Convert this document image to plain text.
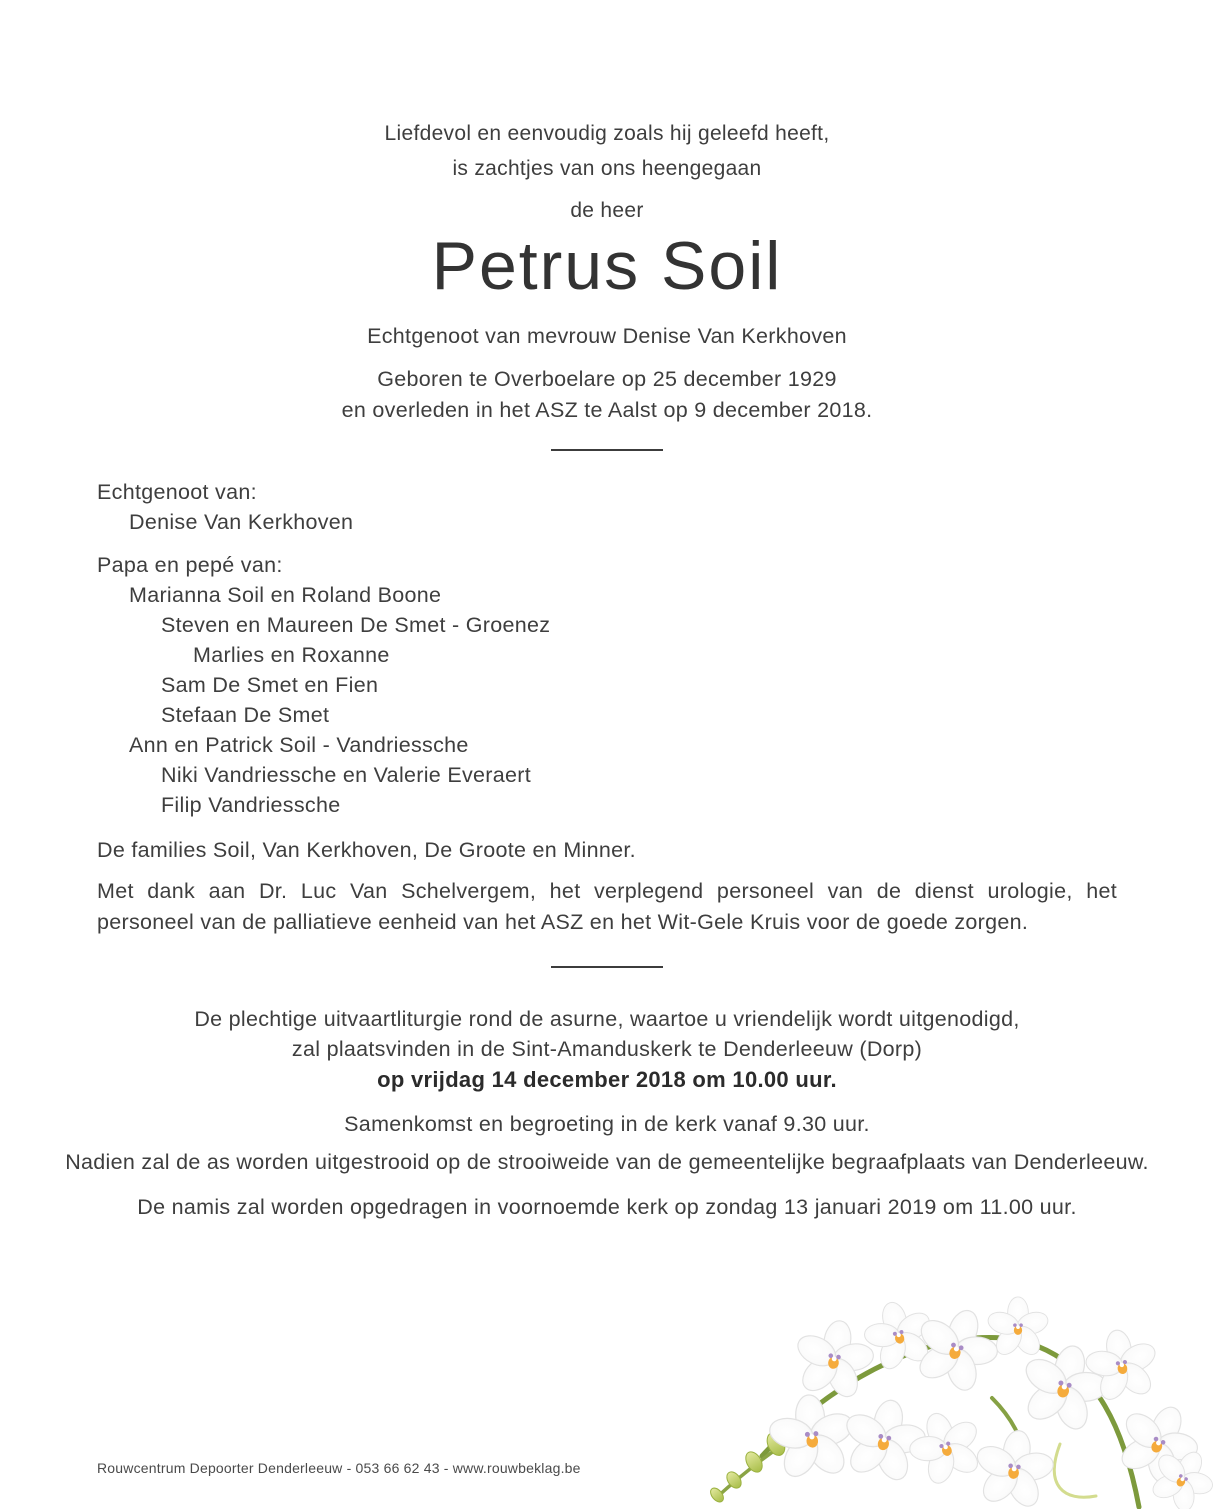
Liefdevol en eenvoudig zoals hij geleefd heeft,
is zachtjes van ons heengegaan
de heer
Petrus Soil
Echtgenoot van mevrouw Denise Van Kerkhoven
Geboren te Overboelare op 25 december 1929
en overleden in het ASZ te Aalst op 9 december 2018.
Echtgenoot van:
Denise Van Kerkhoven
Papa en pepé van:
Marianna Soil en Roland Boone
Steven en Maureen De Smet - Groenez
Marlies en Roxanne
Sam De Smet en Fien
Stefaan De Smet
Ann en Patrick Soil - Vandriessche
Niki Vandriessche en Valerie Everaert
Filip Vandriessche
De families Soil, Van Kerkhoven, De Groote en Minner.
Met dank aan Dr. Luc Van Schelvergem, het verplegend personeel van de dienst urologie, het personeel van de palliatieve eenheid van het ASZ en het Wit-Gele Kruis voor de goede zorgen.
De plechtige uitvaartliturgie rond de asurne, waartoe u vriendelijk wordt uitgenodigd,
zal plaatsvinden in de Sint-Amanduskerk te Denderleeuw (Dorp)
op vrijdag 14 december 2018 om 10.00 uur.
Samenkomst en begroeting in de kerk vanaf 9.30 uur.
Nadien zal de as worden uitgestrooid op de strooiweide van de gemeentelijke begraafplaats van Denderleeuw.
De namis zal worden opgedragen in voornoemde kerk op zondag 13 januari 2019 om 11.00 uur.
Rouwcentrum Depoorter Denderleeuw - 053 66 62 43 - www.rouwbeklag.be
